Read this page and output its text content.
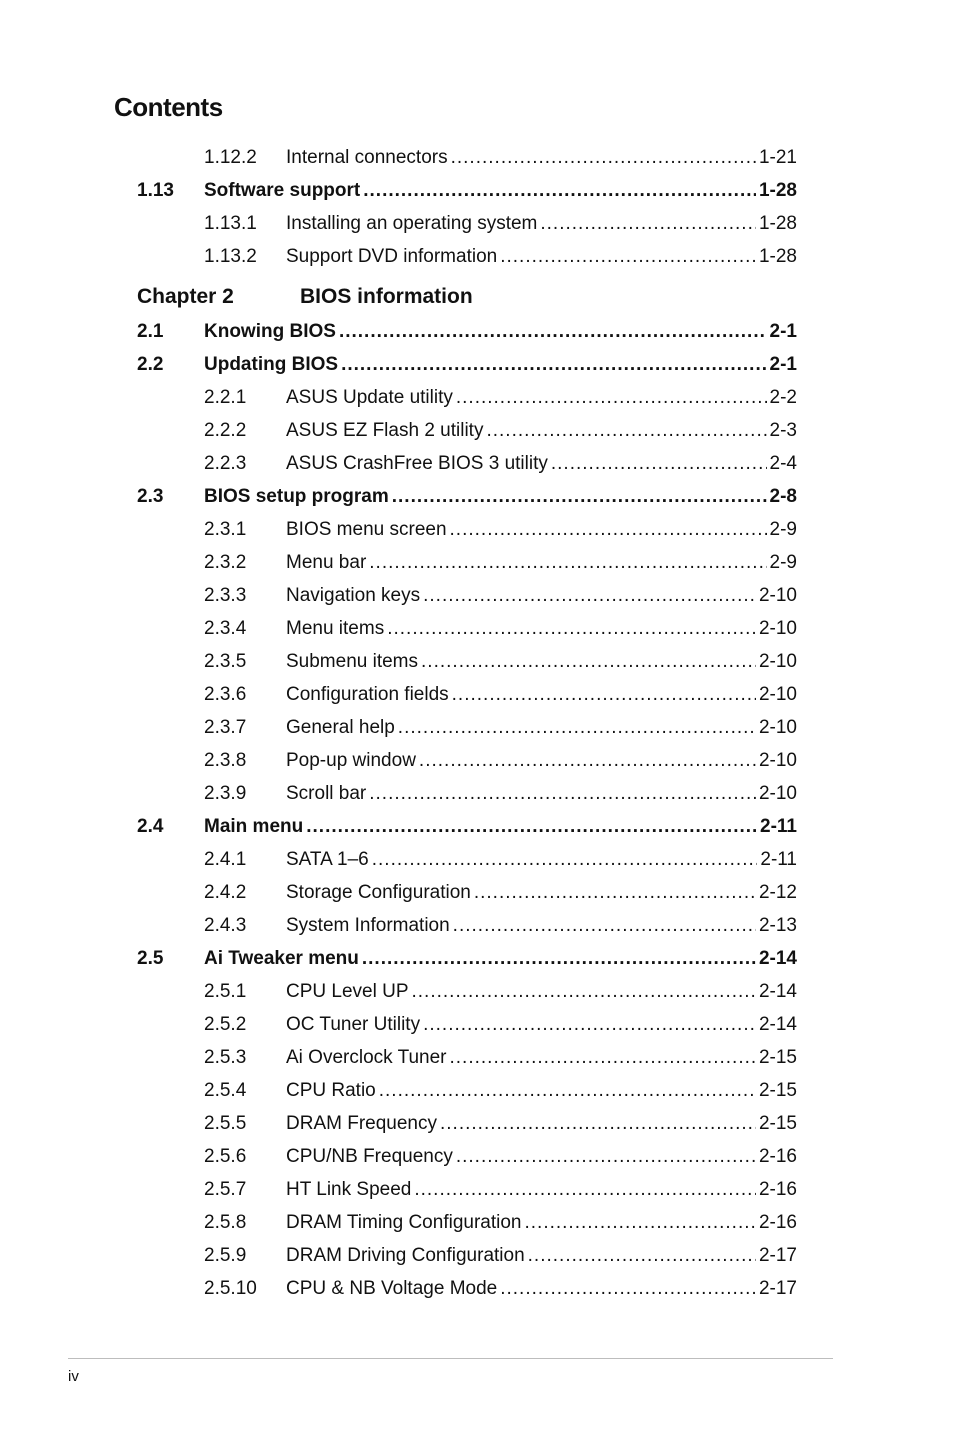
Contents
Chapter 2	BIOS information
1.12.2 Internal connectors .....	1-21
1.13 Software support .....	1-28
1.13.1 Installing an operating system .....	1-28
1.13.2 Support DVD information .....	1-28
2.1 Knowing BIOS .....	2-1
2.2 Updating BIOS .....	2-1
2.2.1 ASUS Update utility .....	2-2
2.2.2 ASUS EZ Flash 2 utility .....	2-3
2.2.3 ASUS CrashFree BIOS 3 utility .....	2-4
2.3 BIOS setup program .....	2-8
2.3.1 BIOS menu screen .....	2-9
2.3.2 Menu bar .....	2-9
2.3.3 Navigation keys .....	2-10
2.3.4 Menu items .....	2-10
2.3.5 Submenu items .....	2-10
2.3.6 Configuration fields .....	2-10
2.3.7 General help .....	2-10
2.3.8 Pop-up window .....	2-10
2.3.9 Scroll bar .....	2-10
2.4 Main menu .....	2-11
2.4.1 SATA 1–6 .....	2-11
2.4.2 Storage Configuration .....	2-12
2.4.3 System Information .....	2-13
2.5 Ai Tweaker menu .....	2-14
2.5.1 CPU Level UP .....	2-14
2.5.2 OC Tuner Utility .....	2-14
2.5.3 Ai Overclock Tuner .....	2-15
2.5.4 CPU Ratio .....	2-15
2.5.5 DRAM Frequency .....	2-15
2.5.6 CPU/NB Frequency .....	2-16
2.5.7 HT Link Speed .....	2-16
2.5.8 DRAM Timing Configuration .....	2-16
2.5.9 DRAM Driving Configuration .....	2-17
2.5.10 CPU & NB Voltage Mode .....	2-17
iv
